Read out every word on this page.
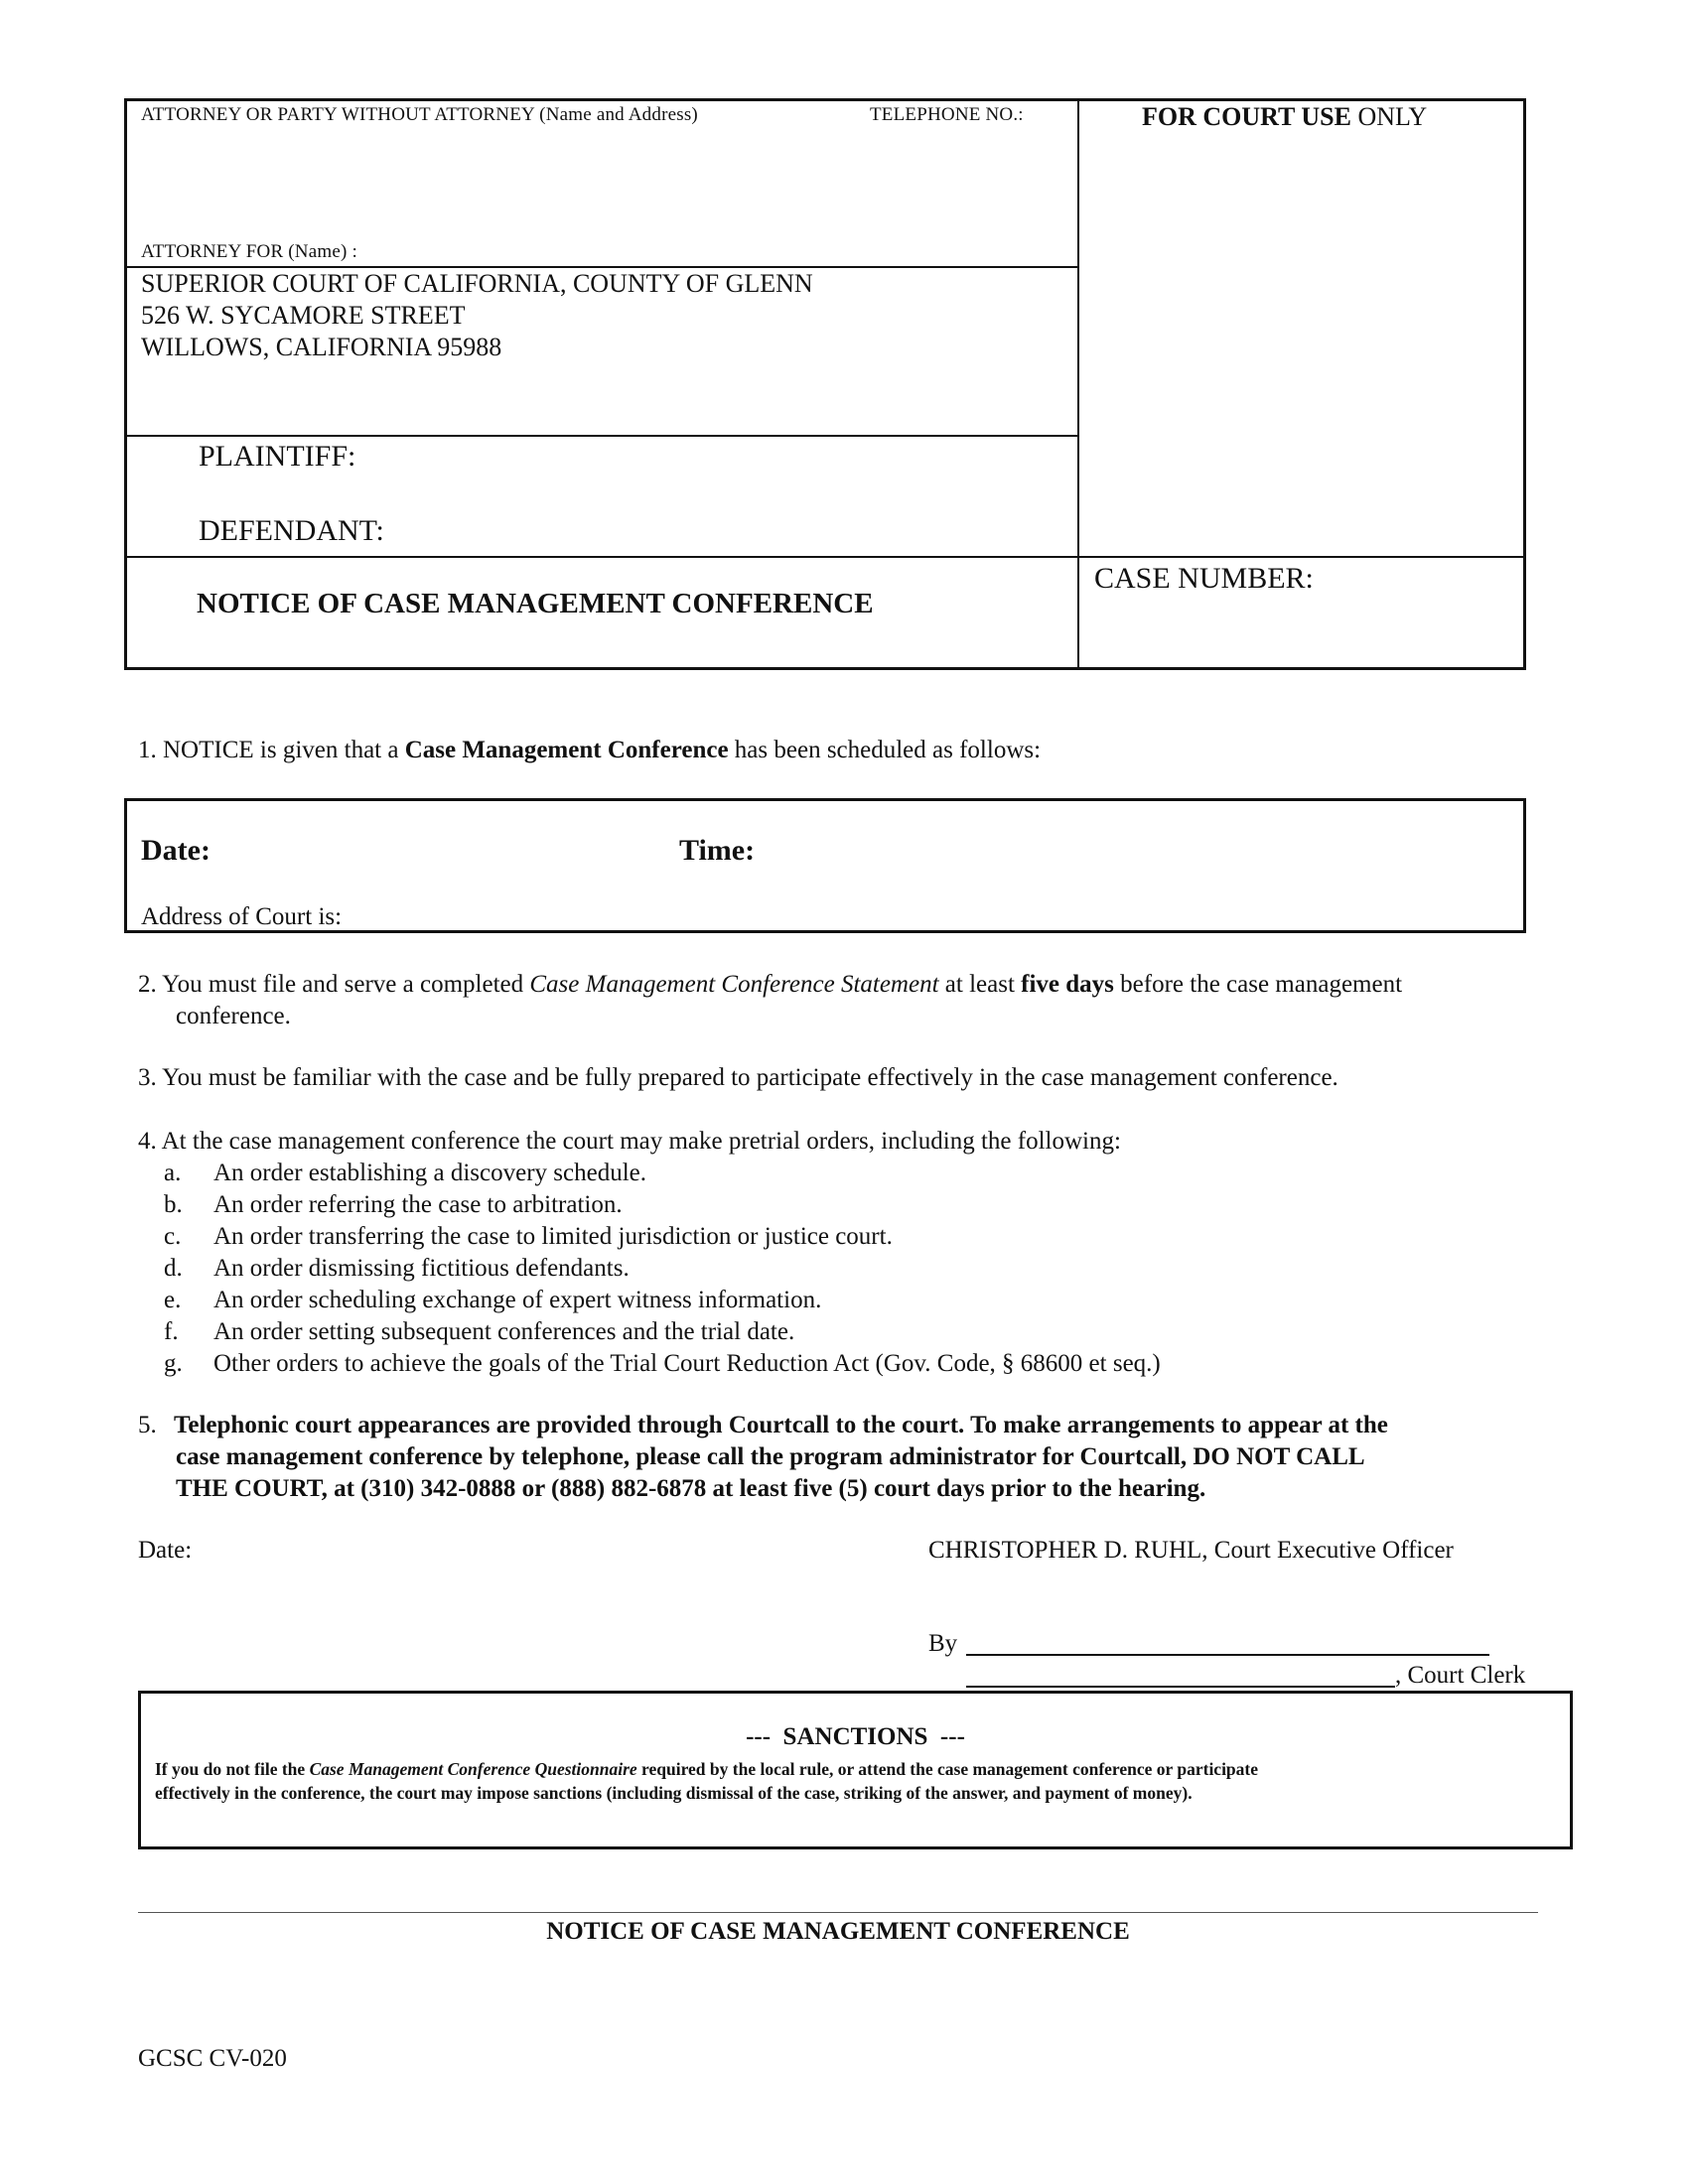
ATTORNEY OR PARTY WITHOUT ATTORNEY (Name and Address)	TELEPHONE NO.:
ATTORNEY FOR (Name) :
FOR COURT USE ONLY
SUPERIOR COURT OF CALIFORNIA, COUNTY OF GLENN
526 W. SYCAMORE STREET
WILLOWS, CALIFORNIA 95988
PLAINTIFF:
DEFENDANT:
NOTICE OF CASE MANAGEMENT CONFERENCE
CASE NUMBER:
1. NOTICE is given that a Case Management Conference has been scheduled as follows:
Date:	Time:
Address of Court is:
2. You must file and serve a completed Case Management Conference Statement at least five days before the case management
conference.
3. You must be familiar with the case and be fully prepared to participate effectively in the case management conference.
4. At the case management conference the court may make pretrial orders, including the following:
a. An order establishing a discovery schedule.
b. An order referring the case to arbitration.
c. An order transferring the case to limited jurisdiction or justice court.
d. An order dismissing fictitious defendants.
e. An order scheduling exchange of expert witness information.
f. An order setting subsequent conferences and the trial date.
g. Other orders to achieve the goals of the Trial Court Reduction Act (Gov. Code, § 68600 et seq.)
5. Telephonic court appearances are provided through Courtcall to the court. To make arrangements to appear at the
case management conference by telephone, please call the program administrator for Courtcall, DO NOT CALL
THE COURT, at (310) 342-0888 or (888) 882-6878 at least five (5) court days prior to the hearing.
Date:	CHRISTOPHER D. RUHL, Court Executive Officer
By
, Court Clerk
---  SANCTIONS  ---
If you do not file the Case Management Conference Questionnaire required by the local rule, or attend the case management conference or participate
effectively in the conference, the court may impose sanctions (including dismissal of the case, striking of the answer, and payment of money).
NOTICE OF CASE MANAGEMENT CONFERENCE
GCSC CV-020
